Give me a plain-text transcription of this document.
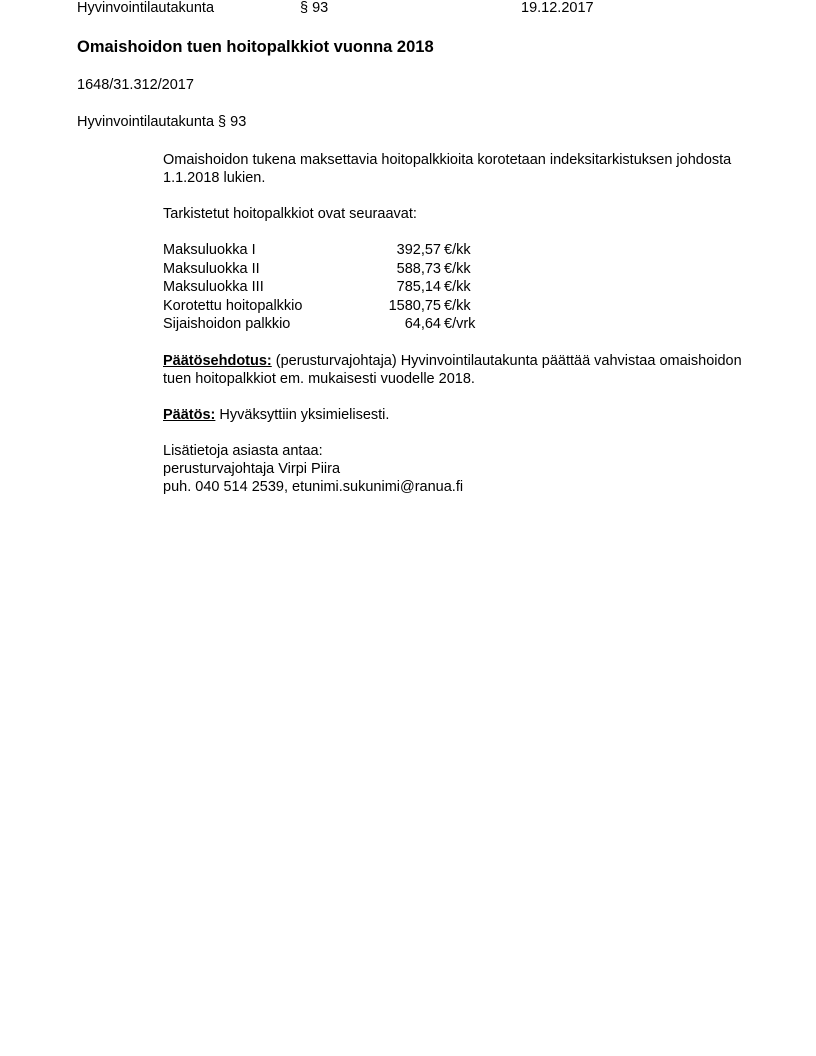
Hyvinvointilautakunta	§ 93	19.12.2017
Omaishoidon tuen hoitopalkkiot vuonna 2018
1648/31.312/2017
Hyvinvointilautakunta § 93

Omaishoidon tukena maksettavia hoitopalkkioita korotetaan indeksitarkistuksen johdosta 1.1.2018 lukien.

Tarkistetut hoitopalkkiot ovat seuraavat:

Maksuluokka I	392,57	€/kk
Maksuluokka II	588,73	€/kk
Maksuluokka III	785,14	€/kk
Korotettu hoitopalkkio	1580,75	€/kk
Sijaishoidon palkkio	64,64	€/vrk

Päätösehdotus: (perusturvajohtaja) Hyvinvointilautakunta päättää vahvistaa omaishoidon tuen hoitopalkkiot em. mukaisesti vuodelle 2018.

Päätös: Hyväksyttiin yksimielisesti.

Lisätietoja asiasta antaa:
perusturvajohtaja Virpi Piira
puh. 040 514 2539, etunimi.sukunimi@ranua.fi
